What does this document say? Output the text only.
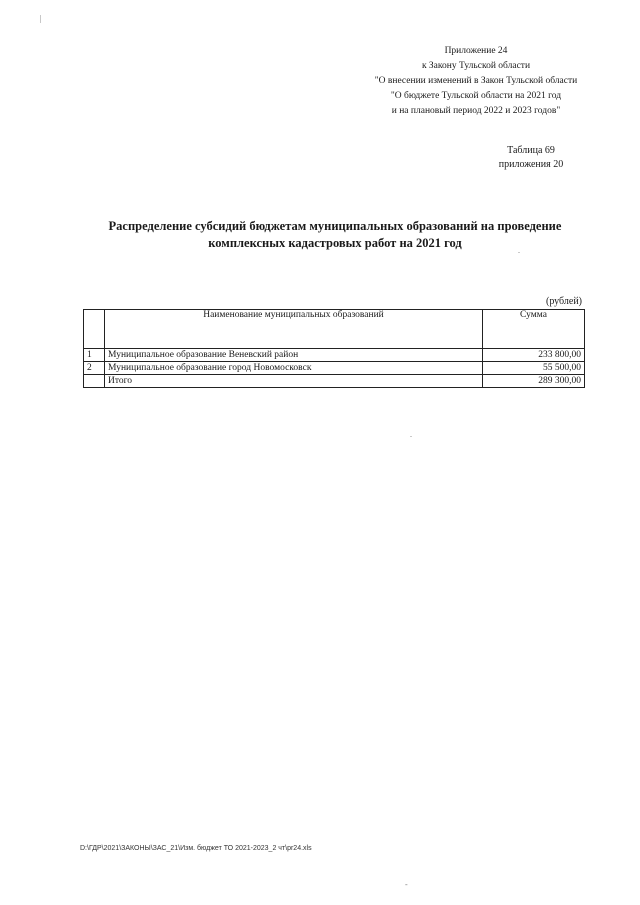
Приложение 24
к Закону Тульской области
"О внесении изменений в Закон Тульской области
"О бюджете Тульской области на 2021 год
и на плановый период 2022 и 2023 годов"
Таблица 69
приложения 20
Распределение субсидий бюджетам муниципальных образований на проведение
комплексных кадастровых работ на 2021 год
(рублей)
	Наименование муниципальных образований	Сумма
1	Муниципальное образование Веневский район	233 800,00
2	Муниципальное образование город Новомосковск	55 500,00
	Итого	289 300,00
D:\ГДР\2021\ЗАКОНЫ\ЗАС_21\Изм. бюджет ТО 2021-2023_2 чт\pr24.xls
|
.
.
-
